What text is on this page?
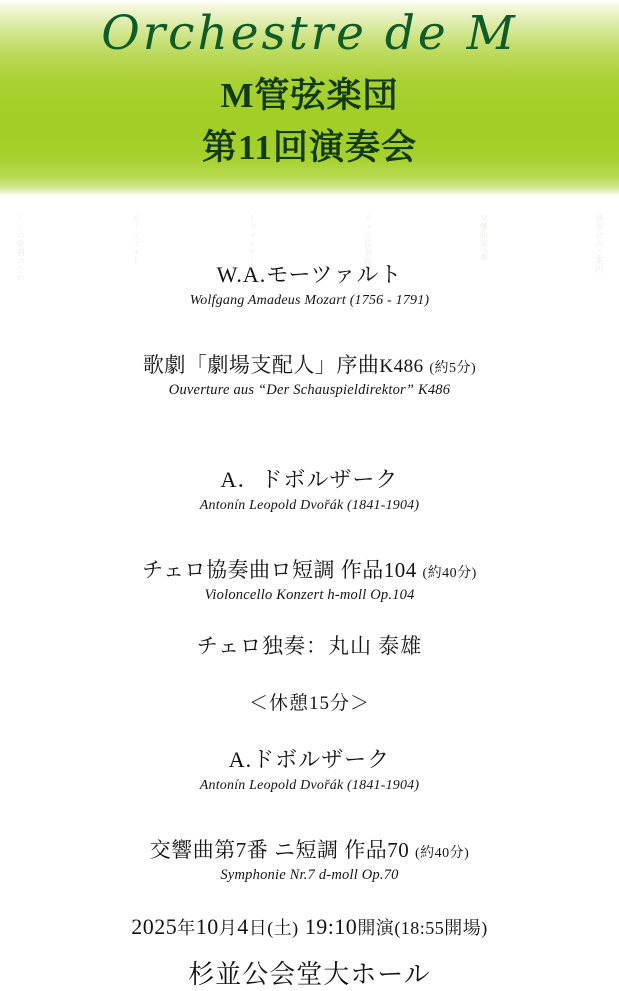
Orchestre de M
M管弦楽団
第11回演奏会
ーンの歌劇のため	モーツァルト	ドヴォルザーク	チェロ協奏曲	交響曲第7番	演奏会のご案内
W.A.モーツァルト
Wolfgang Amadeus Mozart (1756 - 1791)
歌劇「劇場支配人」序曲K486 (約5分)
Ouverture aus “Der Schauspieldirektor” K486
A．ドボルザーク
Antonín Leopold Dvořák (1841-1904)
チェロ協奏曲ロ短調 作品104 (約40分)
Violoncello Konzert h-moll Op.104
チェロ独奏：丸山 泰雄
＜休憩15分＞
A.ドボルザーク
Antonín Leopold Dvořák (1841-1904)
交響曲第7番 ニ短調 作品70 (約40分)
Symphonie Nr.7 d-moll Op.70
2025年10月4日(土) 19:10開演(18:55開場)
杉並公会堂大ホール
